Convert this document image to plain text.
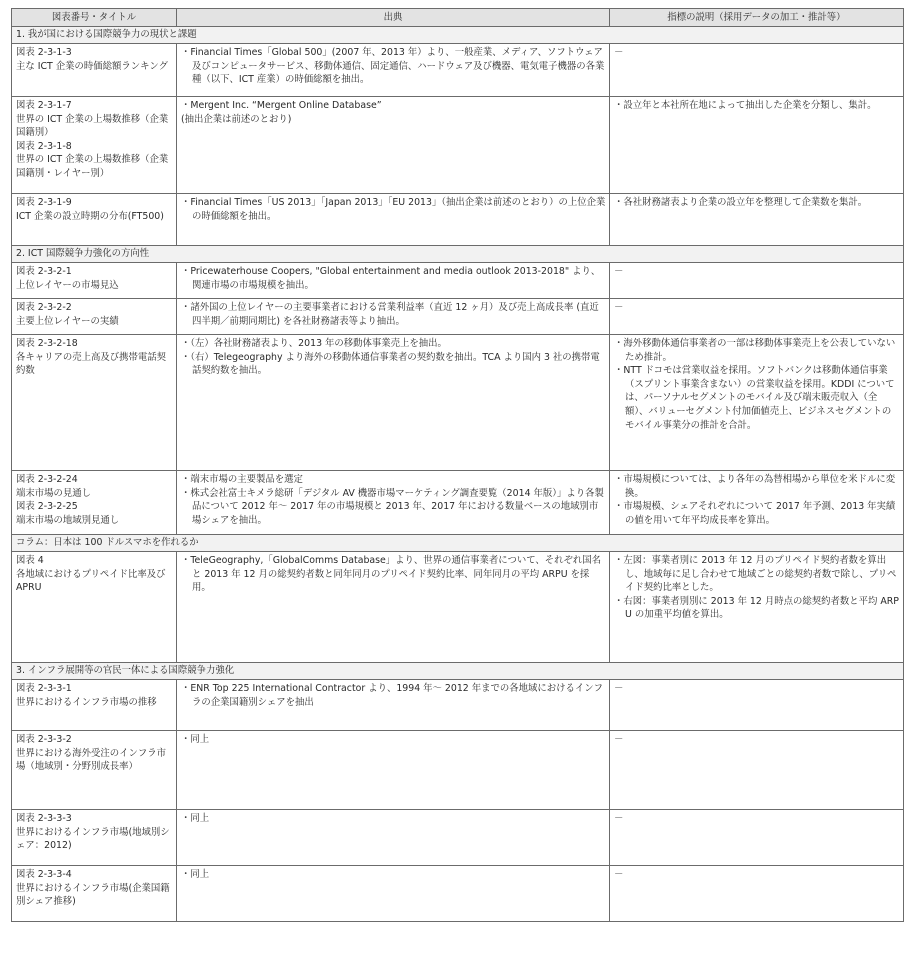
図表番号・タイトル	出典	指標の説明（採用データの加工・推計等）
1. 我が国における国際競争力の現状と課題		

図表 2-3-1-3
主な ICT 企業の時価総額ランキング	・Financial Times「Global 500」(2007 年、2013 年）より、一般産業、メディア、ソフトウェア及びコンピュータサービス、移動体通信、固定通信、ハードウェア及び機器、電気電子機器の各業種（以下、ICT 産業）の時価総額を抽出。	－

図表 2-3-1-7
世界の ICT 企業の上場数推移（企業国籍別）
図表 2-3-1-8
世界の ICT 企業の上場数推移（企業国籍別・レイヤー別）	・Mergent Inc. “Mergent Online Database”
(抽出企業は前述のとおり)	・設立年と本社所在地によって抽出した企業を分類し、集計。

図表 2-3-1-9
ICT 企業の設立時期の分布(FT500)	・Financial Times「US 2013」「Japan 2013」「EU 2013」（抽出企業は前述のとおり）の上位企業の時価総額を抽出。	・各社財務諸表より企業の設立年を整理して企業数を集計。

2. ICT 国際競争力強化の方向性		

図表 2-3-2-1
上位レイヤーの市場見込	・Pricewaterhouse Coopers, "Global entertainment and media outlook 2013-2018" より、関連市場の市場規模を抽出。	－

図表 2-3-2-2
主要上位レイヤーの実績	・諸外国の上位レイヤーの主要事業者における営業利益率（直近 12 ヶ月）及び売上高成長率 (直近四半期／前期同期比) を各社財務諸表等より抽出。	－

図表 2-3-2-18
各キャリアの売上高及び携帯電話契約数	・（左）各社財務諸表より、2013 年の移動体事業売上を抽出。
・（右）Telegeography より海外の移動体通信事業者の契約数を抽出。TCA より国内 3 社の携帯電話契約数を抽出。	・海外移動体通信事業者の一部は移動体事業売上を公表していないため推計。
・NTT ドコモは営業収益を採用。ソフトバンクは移動体通信事業（スプリント事業含まない）の営業収益を採用。KDDI については、パーソナルセグメントのモバイル及び端末販売収入（全額）、バリューセグメント付加価値売上、ビジネスセグメントのモバイル事業分の推計を合計。

図表 2-3-2-24
端末市場の見通し
図表 2-3-2-25
端末市場の地域別見通し	・端末市場の主要製品を選定
・株式会社富士キメラ総研「デジタル AV 機器市場マーケティング調査要覧（2014 年版）」より各製品について 2012 年～ 2017 年の市場規模と 2013 年、2017 年における数量ベースの地域別市場シェアを抽出。	・市場規模については、より各年の為替相場から単位を米ドルに変換。
・市場規模、シェアそれぞれについて 2017 年予測、2013 年実績の値を用いて年平均成長率を算出。

コラム：日本は 100 ドルスマホを作れるか		

図表 4
各地域におけるプリペイド比率及び APRU	・TeleGeography,「GlobalComms Database」より、世界の通信事業者について、それぞれ国名と 2013 年 12 月の総契約者数と同年同月のプリペイド契約比率、同年同月の平均 ARPU を採用。	・左図：事業者別に 2013 年 12 月のプリペイド契約者数を算出し、地域毎に足し合わせて地域ごとの総契約者数で除し、プリペイド契約比率とした。
・右図：事業者別別に 2013 年 12 月時点の総契約者数と平均 ARPU の加重平均値を算出。

3. インフラ展開等の官民一体による国際競争力強化		

図表 2-3-3-1
世界におけるインフラ市場の推移	・ENR Top 225 International Contractor より、1994 年～ 2012 年までの各地域におけるインフラの企業国籍別シェアを抽出	－

図表 2-3-3-2
世界における海外受注のインフラ市場（地域別・分野別成長率）	・同上	－

図表 2-3-3-3
世界におけるインフラ市場(地域別シェア：2012)	・同上	－

図表 2-3-3-4
世界におけるインフラ市場(企業国籍別シェア推移)	・同上	－
